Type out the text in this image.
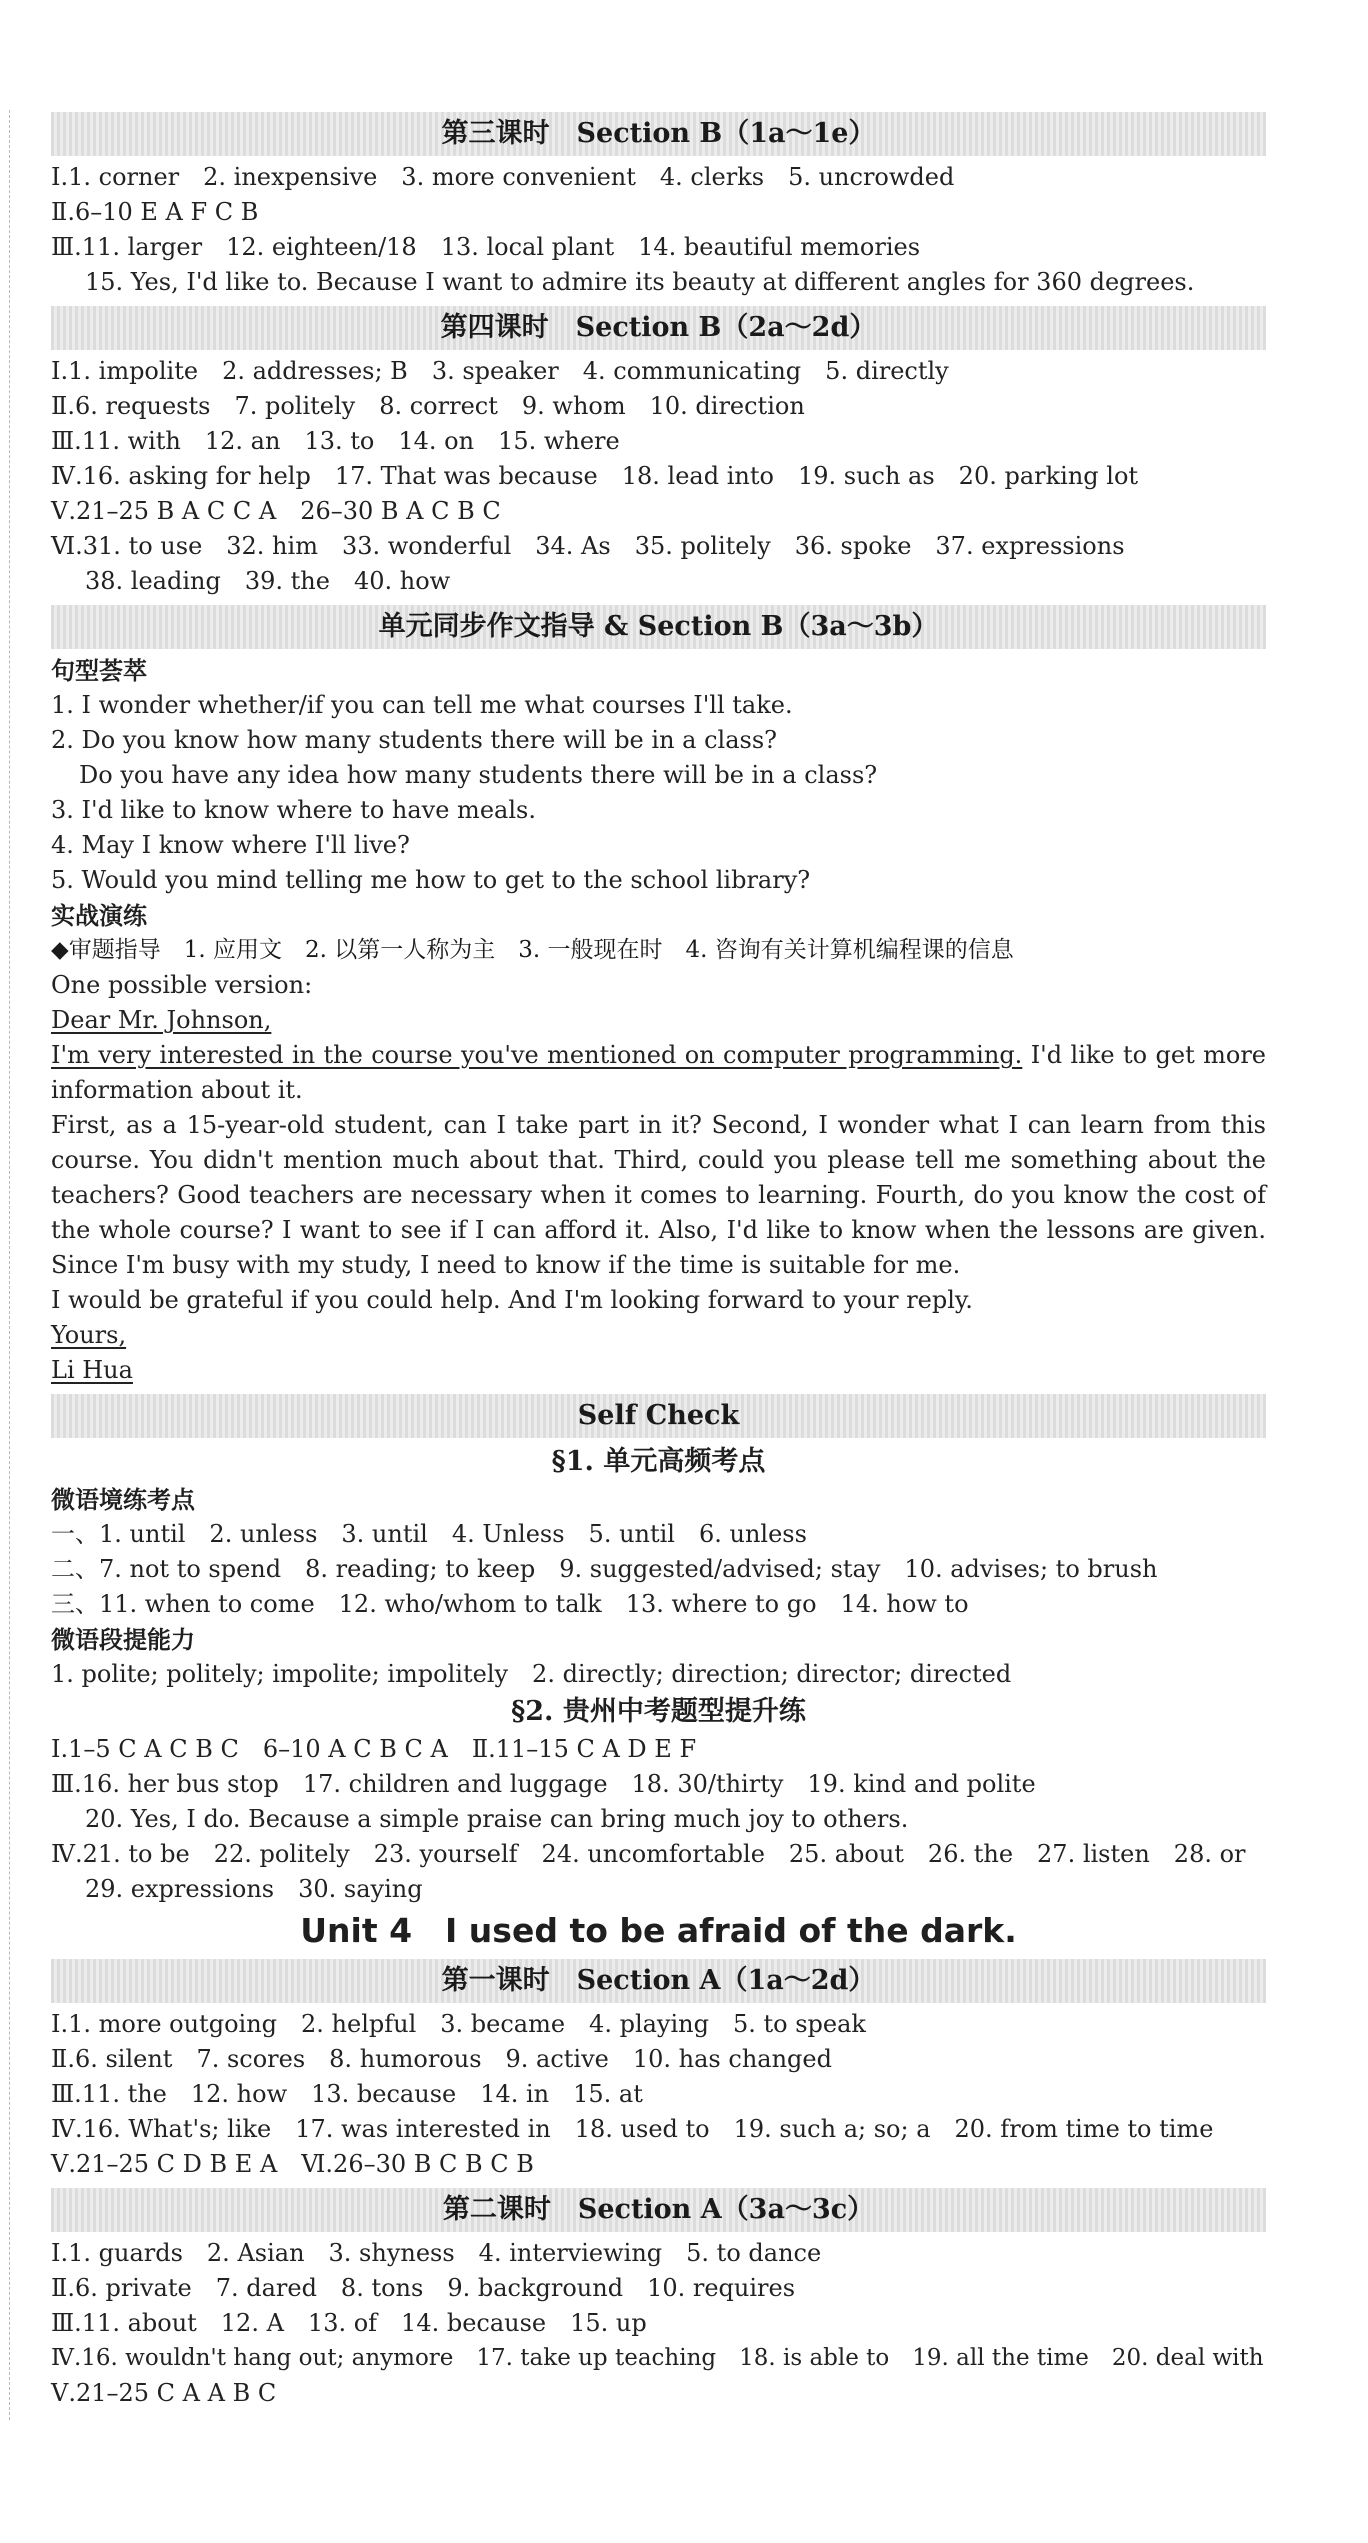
第三课时　Section B（1a～1e）
Ⅰ.1. corner　2. inexpensive　3. more convenient　4. clerks　5. uncrowded
Ⅱ.6–10 E A F C B
Ⅲ.11. larger　12. eighteen/18　13. local plant　14. beautiful memories
15. Yes, I'd like to. Because I want to admire its beauty at different angles for 360 degrees.
第四课时　Section B（2a～2d）
Ⅰ.1. impolite　2. addresses; B　3. speaker　4. communicating　5. directly
Ⅱ.6. requests　7. politely　8. correct　9. whom　10. direction
Ⅲ.11. with　12. an　13. to　14. on　15. where
Ⅳ.16. asking for help　17. That was because　18. lead into　19. such as　20. parking lot
Ⅴ.21–25 B A C C A　26–30 B A C B C
Ⅵ.31. to use　32. him　33. wonderful　34. As　35. politely　36. spoke　37. expressions
38. leading　39. the　40. how
单元同步作文指导 & Section B（3a～3b）
句型荟萃
1. I wonder whether/if you can tell me what courses I'll take.
2. Do you know how many students there will be in a class?
Do you have any idea how many students there will be in a class?
3. I'd like to know where to have meals.
4. May I know where I'll live?
5. Would you mind telling me how to get to the school library?
实战演练
◆审题指导　1. 应用文　2. 以第一人称为主　3. 一般现在时　4. 咨询有关计算机编程课的信息
One possible version:
Dear Mr. Johnson,
I'm very interested in the course you've mentioned on computer programming. I'd like to get more information about it.
First, as a 15-year-old student, can I take part in it? Second, I wonder what I can learn from this course. You didn't mention much about that. Third, could you please tell me something about the teachers? Good teachers are necessary when it comes to learning. Fourth, do you know the cost of the whole course? I want to see if I can afford it. Also, I'd like to know when the lessons are given. Since I'm busy with my study, I need to know if the time is suitable for me.
I would be grateful if you could help. And I'm looking forward to your reply.
Yours,
Li Hua
Self Check
§1. 单元高频考点
微语境练考点
一、1. until　2. unless　3. until　4. Unless　5. until　6. unless
二、7. not to spend　8. reading; to keep　9. suggested/advised; stay　10. advises; to brush
三、11. when to come　12. who/whom to talk　13. where to go　14. how to
微语段提能力
1. polite; politely; impolite; impolitely　2. directly; direction; director; directed
§2. 贵州中考题型提升练
Ⅰ.1–5 C A C B C　6–10 A C B C A　Ⅱ.11–15 C A D E F
Ⅲ.16. her bus stop　17. children and luggage　18. 30/thirty　19. kind and polite
20. Yes, I do. Because a simple praise can bring much joy to others.
Ⅳ.21. to be　22. politely　23. yourself　24. uncomfortable　25. about　26. the　27. listen　28. or
29. expressions　30. saying
Unit 4　I used to be afraid of the dark.
第一课时　Section A（1a～2d）
Ⅰ.1. more outgoing　2. helpful　3. became　4. playing　5. to speak
Ⅱ.6. silent　7. scores　8. humorous　9. active　10. has changed
Ⅲ.11. the　12. how　13. because　14. in　15. at
Ⅳ.16. What's; like　17. was interested in　18. used to　19. such a; so; a　20. from time to time
Ⅴ.21–25 C D B E A　Ⅵ.26–30 B C B C B
第二课时　Section A（3a～3c）
Ⅰ.1. guards　2. Asian　3. shyness　4. interviewing　5. to dance
Ⅱ.6. private　7. dared　8. tons　9. background　10. requires
Ⅲ.11. about　12. A　13. of　14. because　15. up
Ⅳ.16. wouldn't hang out; anymore　17. take up teaching　18. is able to　19. all the time　20. deal with
Ⅴ.21–25 C A A B C
